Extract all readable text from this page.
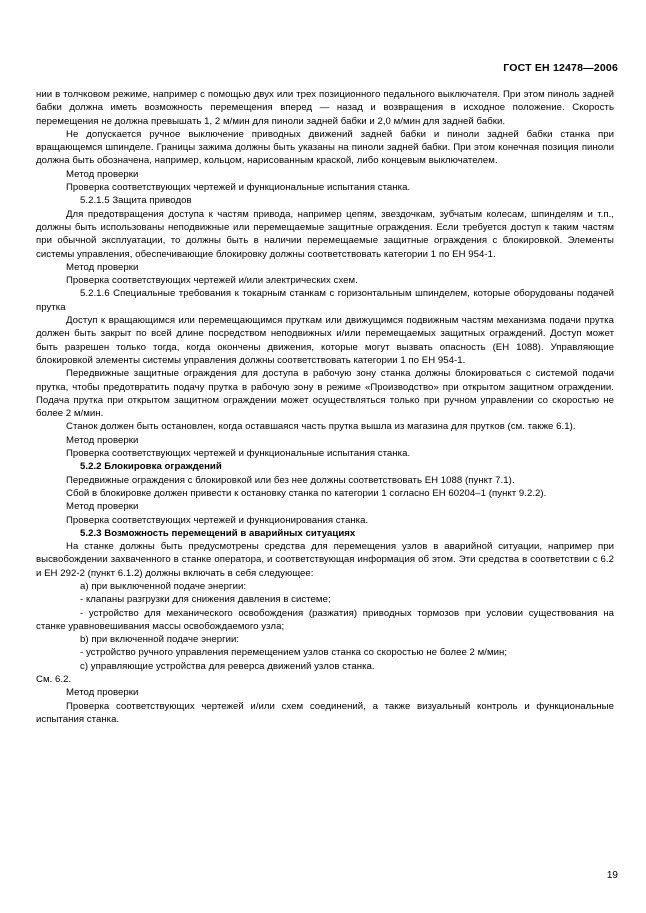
ГОСТ ЕН 12478—2006

нии в толчковом режиме, например с помощью двух или трех позиционного педального выключателя. При этом пиноль задней бабки должна иметь возможность перемещения вперед — назад и возвращения в исходное положение. Скорость перемещения не должна превышать 1, 2 м/мин для пиноли задней бабки и 2,0 м/мин для задней бабки.

Не допускается ручное выключение приводных движений задней бабки и пиноли задней бабки станка при вращающемся шпинделе. Границы зажима должны быть указаны на пиноли задней бабки. При этом конечная позиция пиноли должна быть обозначена, например, кольцом, нарисованным краской, либо концевым выключателем.

Метод проверки

Проверка соответствующих чертежей и функциональные испытания станка.

5.2.1.5 Защита приводов

Для предотвращения доступа к частям привода, например цепям, звездочкам, зубчатым колесам, шпинделям и т.п., должны быть использованы неподвижные или перемещаемые защитные ограждения. Если требуется доступ к таким частям при обычной эксплуатации, то должны быть в наличии перемещаемые защитные ограждения с блокировкой. Элементы системы управления, обеспечивающие блокировку должны соответствовать категории 1 по ЕН 954-1.

Метод проверки

Проверка соответствующих чертежей и/или электрических схем.

5.2.1.6 Специальные требования к токарным станкам с горизонтальным шпинделем, которые оборудованы подачей прутка

Доступ к вращающимся или перемещающимся пруткам или движущимся подвижным частям механизма подачи прутка должен быть закрыт по всей длине посредством неподвижных и/или перемещаемых защитных ограждений. Доступ может быть разрешен только тогда, когда окончены движения, которые могут вызвать опасность (ЕН 1088). Управляющие блокировкой элементы системы управления должны соответствовать категории 1 по ЕН 954-1.

Передвижные защитные ограждения для доступа в рабочую зону станка должны блокироваться с системой подачи прутка, чтобы предотвратить подачу прутка в рабочую зону в режиме «Производство» при открытом защитном ограждении. Подача прутка при открытом защитном ограждении может осуществляться только при ручном управлении со скоростью не более 2 м/мин.

Станок должен быть остановлен, когда оставшаяся часть прутка вышла из магазина для прутков (см. также 6.1).

Метод проверки

Проверка соответствующих чертежей и функциональные испытания станка.

5.2.2 Блокировка ограждений

Передвижные ограждения с блокировкой или без нее должны соответствовать ЕН 1088 (пункт 7.1).

Сбой в блокировке должен привести к остановку станка по категории 1 согласно ЕН 60204–1 (пункт 9.2.2).

Метод проверки

Проверка соответствующих чертежей и функционирования станка.

5.2.3 Возможность перемещений в аварийных ситуациях

На станке должны быть предусмотрены средства для перемещения узлов в аварийной ситуации, например при высвобождении захваченного в станке оператора, и соответствующая информация об этом. Эти средства в соответствии с 6.2 и ЕН 292-2 (пункт 6.1.2) должны включать в себя следующее:

a) при выключенной подаче энергии:

- клапаны разгрузки для снижения давления в системе;

- устройство для механического освобождения (разжатия) приводных тормозов при условии существования на станке уравновешивания массы освобождаемого узла;

b) при включенной подаче энергии:

- устройство ручного управления перемещением узлов станка со скоростью не более 2 м/мин;

c) управляющие устройства для реверса движений узлов станка.

См. 6.2.

Метод проверки

Проверка соответствующих чертежей и/или схем соединений, а также визуальный контроль и функциональные испытания станка.

19
